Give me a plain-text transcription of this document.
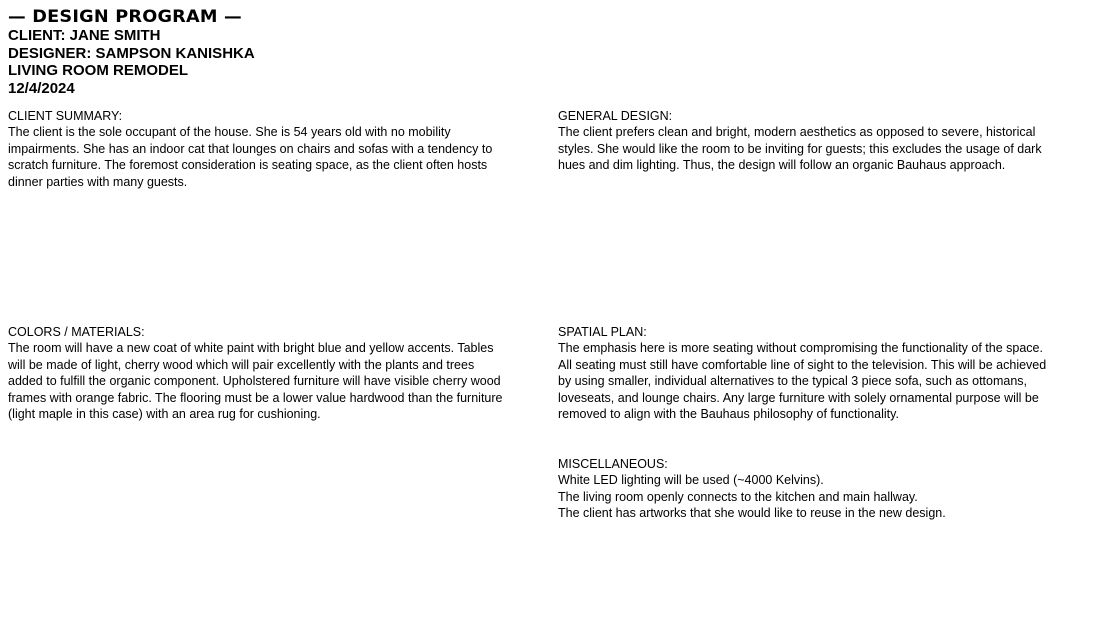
— DESIGN PROGRAM —
CLIENT: JANE SMITH
DESIGNER: SAMPSON KANISHKA
LIVING ROOM REMODEL
12/4/2024
CLIENT SUMMARY:
The client is the sole occupant of the house. She is 54 years old with no mobility impairments. She has an indoor cat that lounges on chairs and sofas with a tendency to scratch furniture. The foremost consideration is seating space, as the client often hosts dinner parties with many guests.
GENERAL DESIGN:
The client prefers clean and bright, modern aesthetics as opposed to severe, historical styles. She would like the room to be inviting for guests; this excludes the usage of dark hues and dim lighting. Thus, the design will follow an organic Bauhaus approach.
COLORS / MATERIALS:
The room will have a new coat of white paint with bright blue and yellow accents. Tables will be made of light, cherry wood which will pair excellently with the plants and trees added to fulfill the organic component. Upholstered furniture will have visible cherry wood frames with orange fabric. The flooring must be a lower value hardwood than the furniture (light maple in this case) with an area rug for cushioning.
SPATIAL PLAN:
The emphasis here is more seating without compromising the functionality of the space. All seating must still have comfortable line of sight to the television. This will be achieved by using smaller, individual alternatives to the typical 3 piece sofa, such as ottomans, loveseats, and lounge chairs. Any large furniture with solely ornamental purpose will be removed to align with the Bauhaus philosophy of functionality.
MISCELLANEOUS:
White LED lighting will be used (~4000 Kelvins).
The living room openly connects to the kitchen and main hallway.
The client has artworks that she would like to reuse in the new design.
